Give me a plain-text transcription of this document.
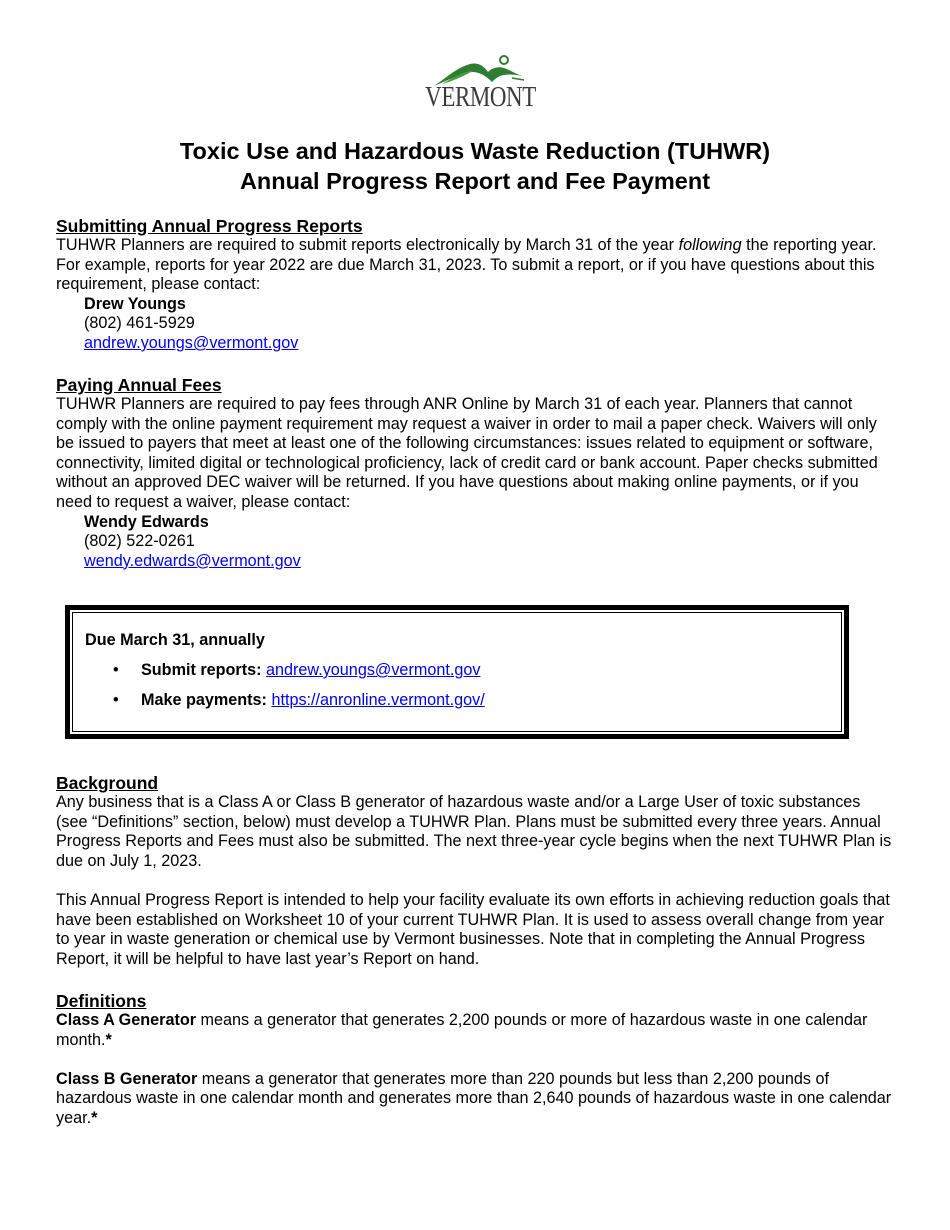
VERMONT
Toxic Use and Hazardous Waste Reduction (TUHWR)
Annual Progress Report and Fee Payment
Submitting Annual Progress Reports

TUHWR Planners are required to submit reports electronically by March 31 of the year following the reporting year. For example, reports for year 2022 are due March 31, 2023. To submit a report, or if you have questions about this requirement, please contact:

Drew Youngs
(802) 461-5929
andrew.youngs@vermont.gov
Paying Annual Fees

TUHWR Planners are required to pay fees through ANR Online by March 31 of each year. Planners that cannot comply with the online payment requirement may request a waiver in order to mail a paper check. Waivers will only be issued to payers that meet at least one of the following circumstances: issues related to equipment or software, connectivity, limited digital or technological proficiency, lack of credit card or bank account. Paper checks submitted without an approved DEC waiver will be returned. If you have questions about making online payments, or if you need to request a waiver, please contact:

Wendy Edwards
(802) 522-0261
wendy.edwards@vermont.gov
Due March 31, annually
• Submit reports: andrew.youngs@vermont.gov
• Make payments: https://anronline.vermont.gov/
Background

Any business that is a Class A or Class B generator of hazardous waste and/or a Large User of toxic substances (see “Definitions” section, below) must develop a TUHWR Plan. Plans must be submitted every three years. Annual Progress Reports and Fees must also be submitted. The next three-year cycle begins when the next TUHWR Plan is due on July 1, 2023.

This Annual Progress Report is intended to help your facility evaluate its own efforts in achieving reduction goals that have been established on Worksheet 10 of your current TUHWR Plan. It is used to assess overall change from year to year in waste generation or chemical use by Vermont businesses. Note that in completing the Annual Progress Report, it will be helpful to have last year’s Report on hand.

Definitions

Class A Generator means a generator that generates 2,200 pounds or more of hazardous waste in one calendar month.*

Class B Generator means a generator that generates more than 220 pounds but less than 2,200 pounds of hazardous waste in one calendar month and generates more than 2,640 pounds of hazardous waste in one calendar year.*
